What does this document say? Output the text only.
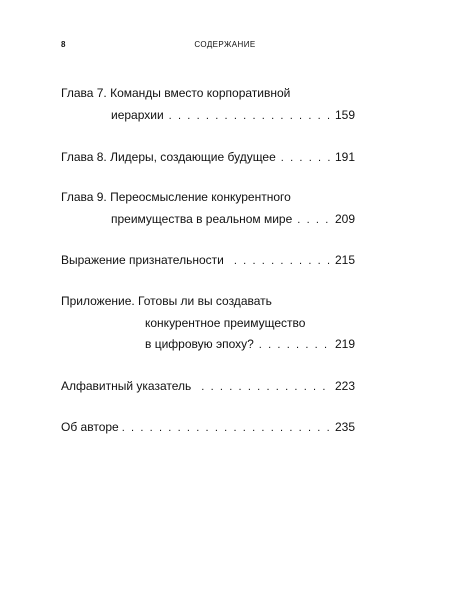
8	СОДЕРЖАНИЕ
Глава 7. Команды вместо корпоративной
иерархии . . .	159
Глава 8. Лидеры, создающие будущее . . .	191
Глава 9. Переосмысление конкурентного
преимущества в реальном мире . . .	209
Выражение признательности . . .	215
Приложение. Готовы ли вы создавать
конкурентное преимущество
в цифровую эпоху? . . .	219
Алфавитный указатель . . .	223
Об авторе . . .	235
